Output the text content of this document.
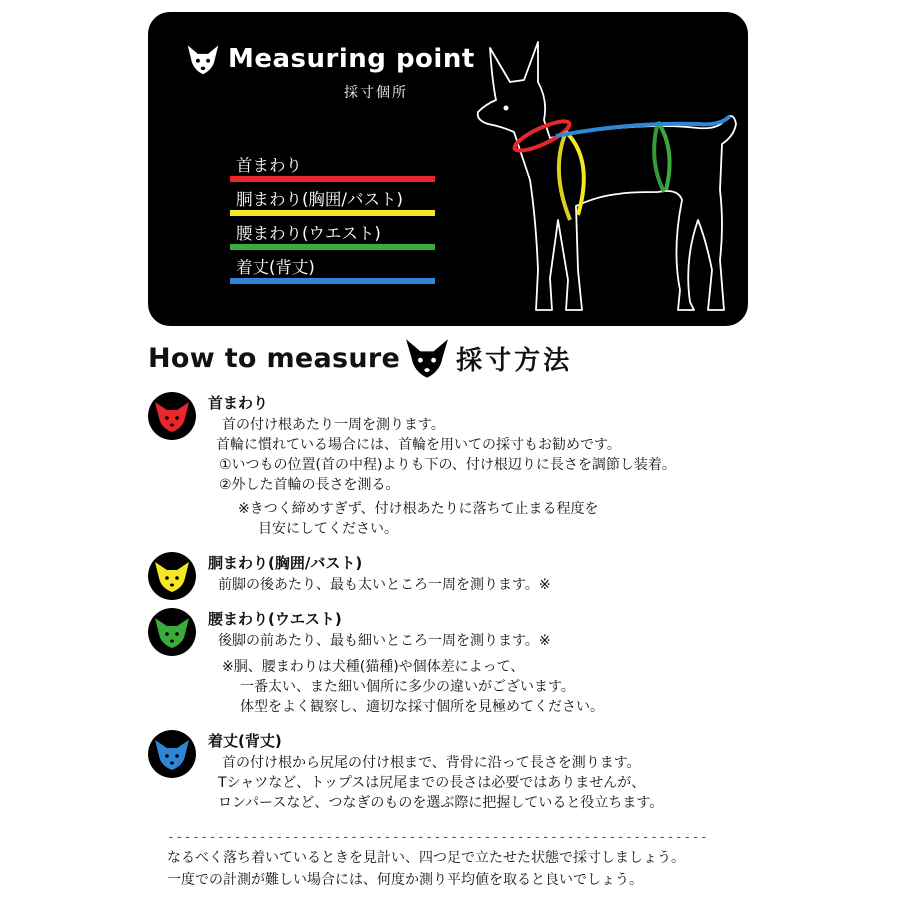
Measuring point
採寸個所
首まわり
胴まわり(胸囲/バスト)
腰まわり(ウエスト)
着丈(背丈)
How to measure 採寸方法
首まわり
首の付け根あたり一周を測ります。
首輪に慣れている場合には、首輪を用いての採寸もお勧めです。
①いつもの位置(首の中程)よりも下の、付け根辺りに長さを調節し装着。
②外した首輪の長さを測る。
※きつく締めすぎず、付け根あたりに落ちて止まる程度を
目安にしてください。
胴まわり(胸囲/バスト)
前脚の後あたり、最も太いところ一周を測ります。※
腰まわり(ウエスト)
後脚の前あたり、最も細いところ一周を測ります。※
※胴、腰まわりは犬種(猫種)や個体差によって、
一番太い、また細い個所に多少の違いがございます。
体型をよく観察し、適切な採寸個所を見極めてください。
着丈(背丈)
首の付け根から尻尾の付け根まで、背骨に沿って長さを測ります。
Tシャツなど、トップスは尻尾までの長さは必要ではありませんが、
ロンパースなど、つなぎのものを選ぶ際に把握していると役立ちます。
-----------------------------------------------------------------
なるべく落ち着いているときを見計い、四つ足で立たせた状態で採寸しましょう。
一度での計測が難しい場合には、何度か測り平均値を取ると良いでしょう。
